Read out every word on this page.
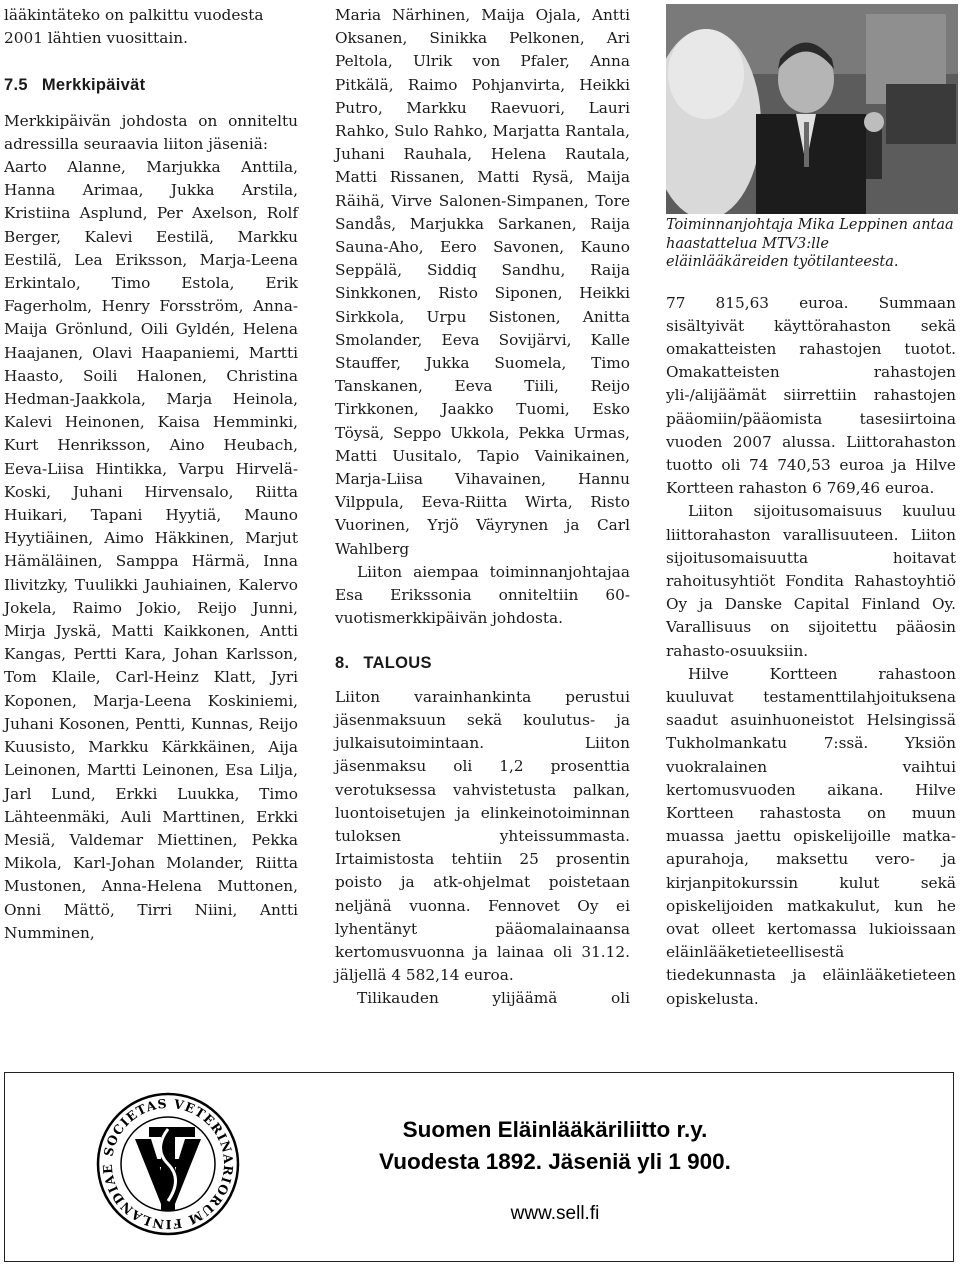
lääkintäteko on palkittu vuodesta 2001 lähtien vuosittain.

7.5 Merkkipäivät

Merkkipäivän johdosta on onniteltu adressilla seuraavia liiton jäseniä:

Aarto Alanne, Marjukka Anttila, Hanna Arimaa, Jukka Arstila, Kristiina Asplund, Per Axelson, Rolf Berger, Kalevi Eestilä, Markku Eestilä, Lea Eriksson, Marja-Leena Erkintalo, Timo Estola, Erik Fagerholm, Henry Forsström, Anna-Maija Grönlund, Oili Gyldén, Helena Haajanen, Olavi Haapaniemi, Martti Haasto, Soili Halonen, Christina Hedman-Jaakkola, Marja Heinola, Kalevi Heinonen, Kaisa Hemminki, Kurt Henriksson, Aino Heubach, Eeva-Liisa Hintikka, Varpu Hirvelä-Koski, Juhani Hirvensalo, Riitta Huikari, Tapani Hyytiä, Mauno Hyytiäinen, Aimo Häkkinen, Marjut Hämäläinen, Samppa Härmä, Inna Ilivitzky, Tuulikki Jauhiainen, Kalervo Jokela, Raimo Jokio, Reijo Junni, Mirja Jyskä, Matti Kaikkonen, Antti Kangas, Pertti Kara, Johan Karlsson, Tom Klaile, Carl-Heinz Klatt, Jyri Koponen, Marja-Leena Koskiniemi, Juhani Kosonen, Pentti, Kunnas, Reijo Kuusisto, Markku Kärkkäinen, Aija Leinonen, Martti Leinonen, Esa Lilja, Jarl Lund, Erkki Luukka, Timo Lähteenmäki, Auli Marttinen, Erkki Mesiä, Valdemar Miettinen, Pekka Mikola, Karl-Johan Molander, Riitta Mustonen, Anna-Helena Muttonen, Onni Mättö, Tirri Niini, Antti Numminen,

Maria Närhinen, Maija Ojala, Antti Oksanen, Sinikka Pelkonen, Ari Peltola, Ulrik von Pfaler, Anna Pitkälä, Raimo Pohjanvirta, Heikki Putro, Markku Raevuori, Lauri Rahko, Sulo Rahko, Marjatta Rantala, Juhani Rauhala, Helena Rautala, Matti Rissanen, Matti Rysä, Maija Räihä, Virve Salonen-Simpanen, Tore Sandås, Marjukka Sarkanen, Raija Sauna-Aho, Eero Savonen, Kauno Seppälä, Siddiq Sandhu, Raija Sinkkonen, Risto Siponen, Heikki Sirkkola, Urpu Sistonen, Anitta Smolander, Eeva Sovijärvi, Kalle Stauffer, Jukka Suomela, Timo Tanskanen, Eeva Tiili, Reijo Tirkkonen, Jaakko Tuomi, Esko Töysä, Seppo Ukkola, Pekka Urmas, Matti Uusitalo, Tapio Vainikainen, Marja-Liisa Vihavainen, Hannu Vilppula, Eeva-Riitta Wirta, Risto Vuorinen, Yrjö Väyrynen ja Carl Wahlberg

Liiton aiempaa toiminnanjohtajaa Esa Erikssonia onniteltiin 60-vuotismerkkipäivän johdosta.

8. TALOUS

Liiton varainhankinta perustui jäsenmaksuun sekä koulutus- ja julkaisutoimintaan. Liiton jäsenmaksu oli 1,2 prosenttia verotuksessa vahvistetusta palkan, luontoisetujen ja elinkeinotoiminnan tuloksen yhteissummasta. Irtaimistosta tehtiin 25 prosentin poisto ja atk-ohjelmat poistetaan neljänä vuonna. Fennovet Oy ei lyhentänyt pääomalainaansa kertomusvuonna ja lainaa oli 31.12. jäljellä 4 582,14 euroa.

Tilikauden ylijäämä oli

Toiminnanjohtaja Mika Leppinen antaa haastattelua MTV3:lle eläinlääkäreiden työtilanteesta.

77 815,63 euroa. Summaan sisältyivät käyttörahaston sekä omakatteisten rahastojen tuotot. Omakatteisten rahastojen yli-/alijäämät siirrettiin rahastojen pääomiin/pääomista tasesiirtoina vuoden 2007 alussa. Liittorahaston tuotto oli 74 740,53 euroa ja Hilve Kortteen rahaston 6 769,46 euroa.

Liiton sijoitusomaisuus kuuluu liittorahaston varallisuuteen. Liiton sijoitusomaisuutta hoitavat rahoitusyhtiöt Fondita Rahastoyhtiö Oy ja Danske Capital Finland Oy. Varallisuus on sijoitettu pääosin rahasto-osuuksiin.

Hilve Kortteen rahastoon kuuluvat testamenttilahjoituksena saadut asuinhuoneistot Helsingissä Tukholmankatu 7:ssä. Yksiön vuokralainen vaihtui kertomusvuoden aikana. Hilve Kortteen rahastosta on muun muassa jaettu opiskelijoille matka-apurahoja, maksettu vero- ja kirjanpitokurssin kulut sekä opiskelijoiden matkakulut, kun he ovat olleet kertomassa lukioissaan eläinlääketieteellisestä tiedekunnasta ja eläinlääketieteen opiskelusta.

SOCIETAS VETERINARIORUM FINLANDIAE
Suomen Eläinlääkäriliitto r.y.
Vuodesta 1892. Jäseniä yli 1 900.
www.sell.fi
